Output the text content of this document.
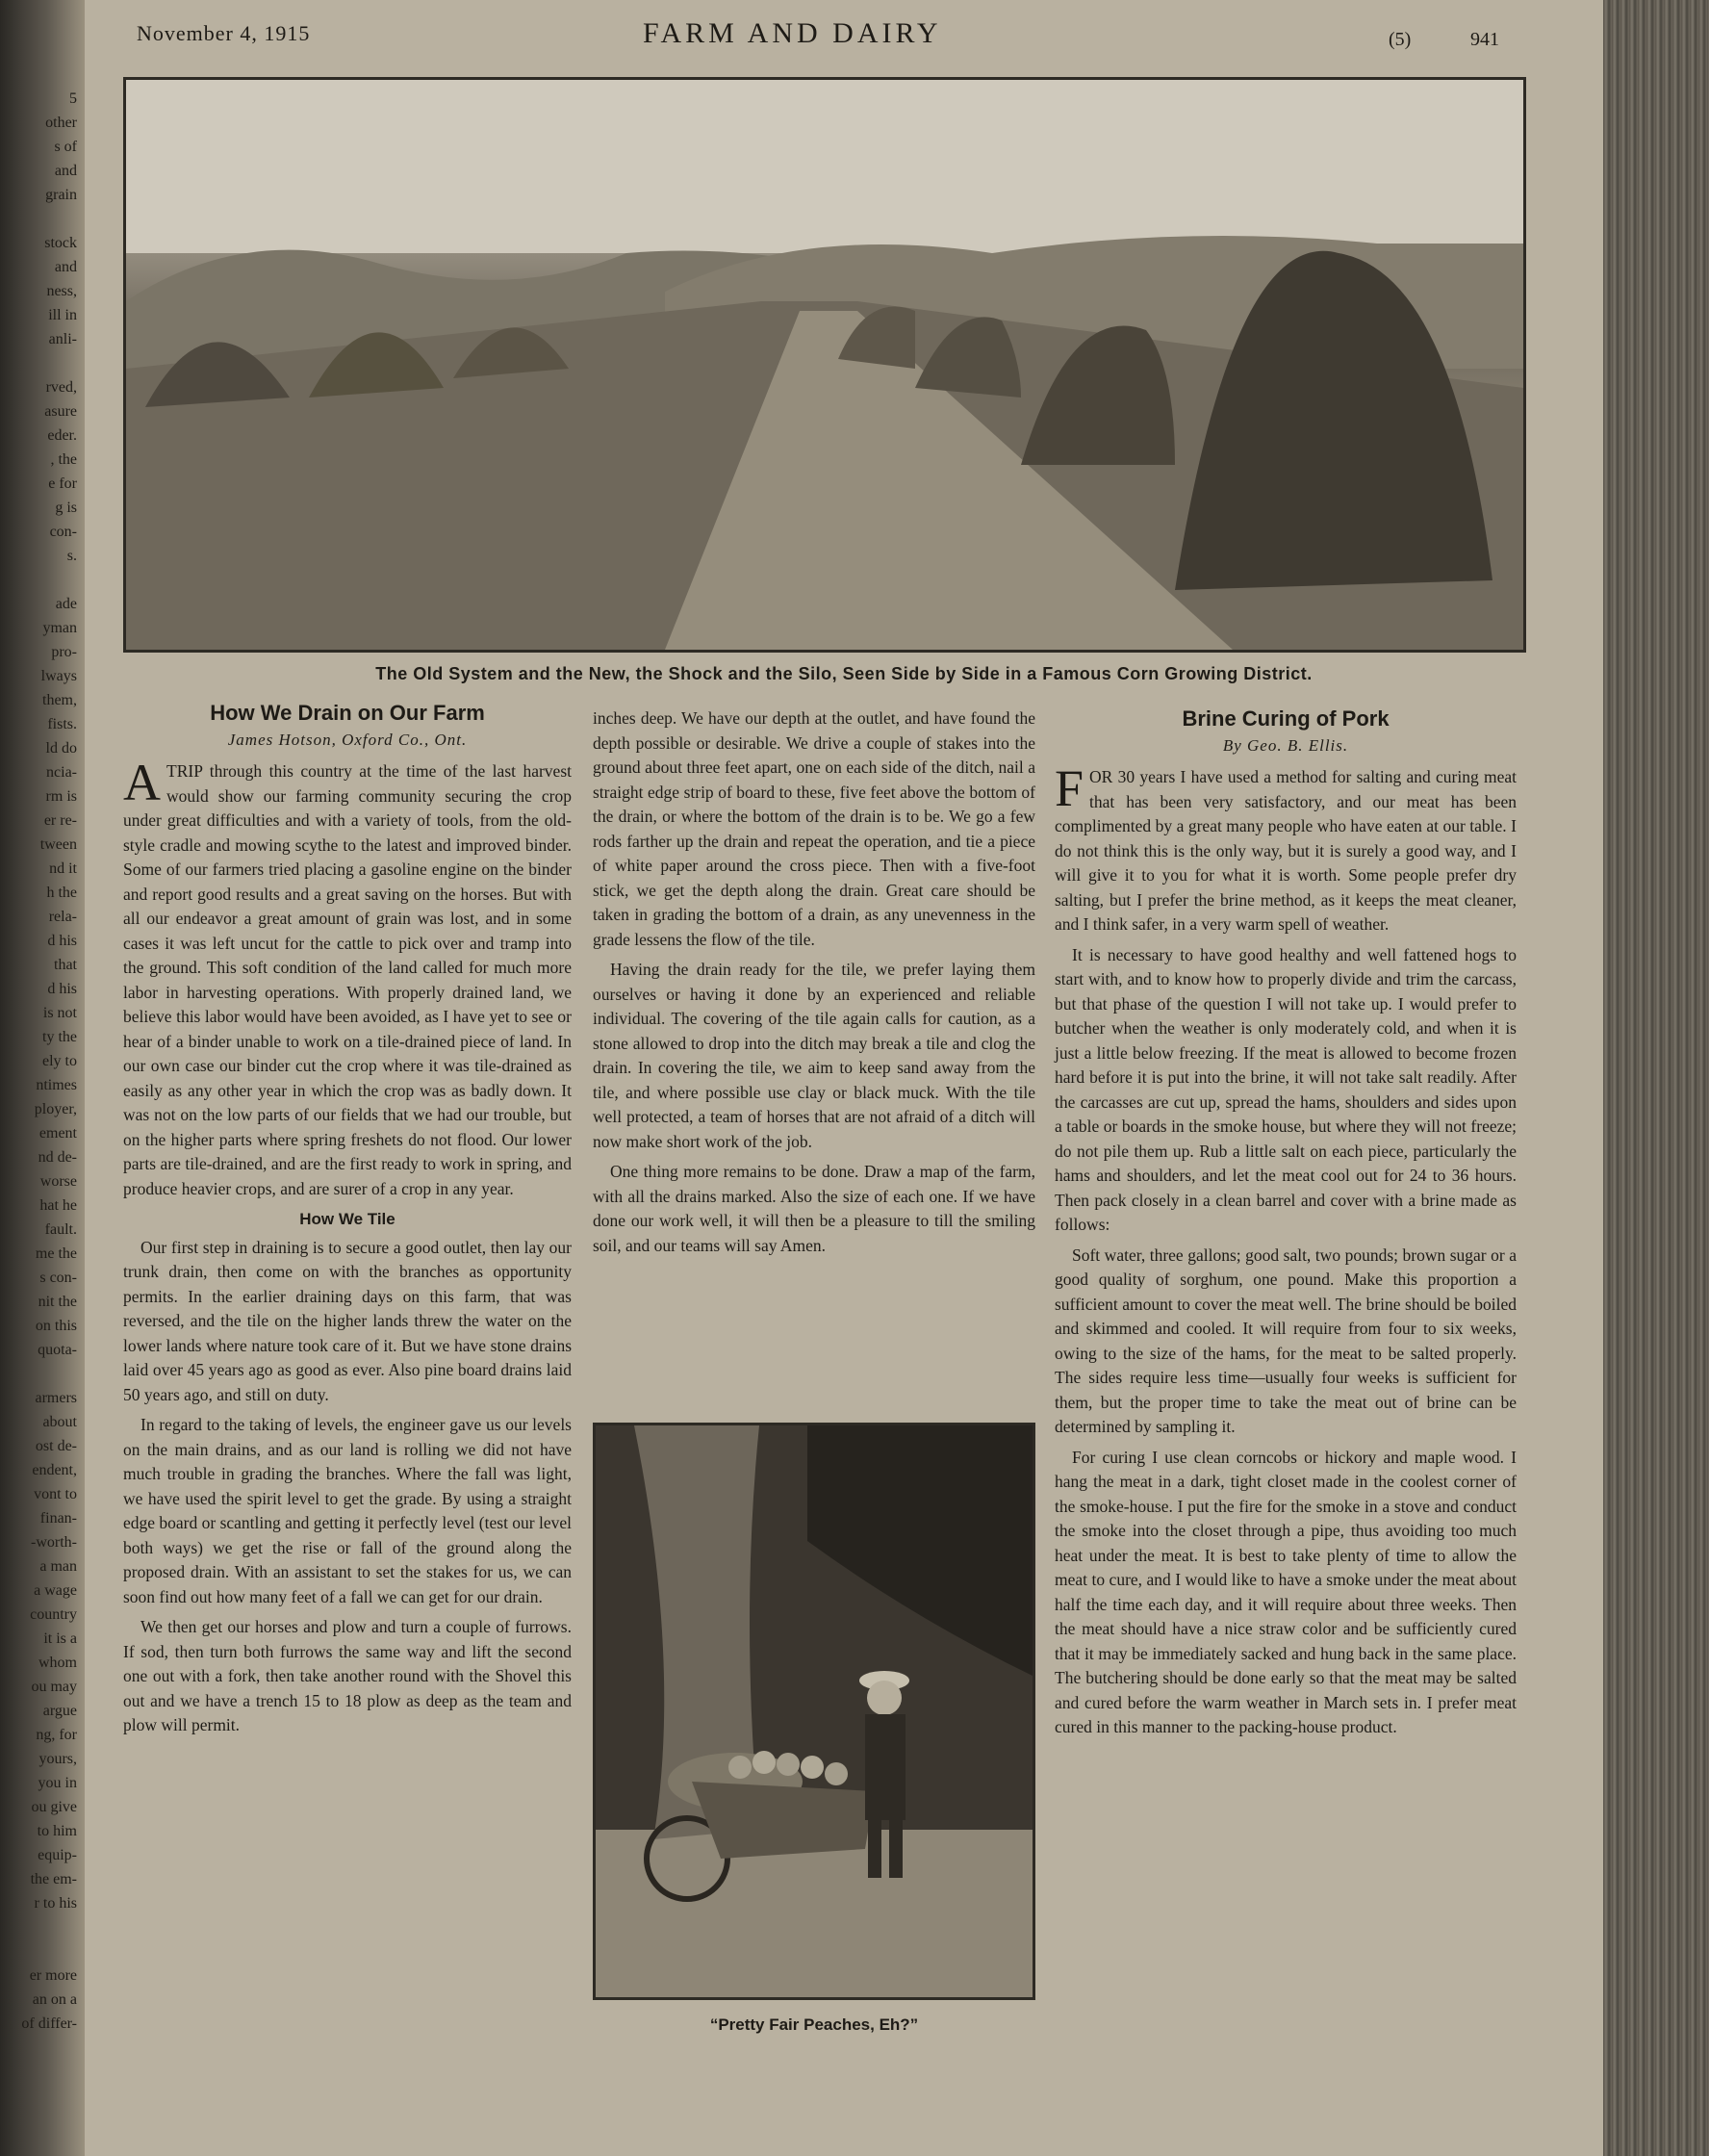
5
other
s of
and
grain
stock
and
ness,
ill in
anli-
rved,
asure
eder.
, the
e for
g is
con-
s.
ade
yman
pro-
lways
them,
fists.
ld do
ncia-
rm is
er re-
tween
nd it
h the
rela-
d his
that
d his
is not
ty the
ely to
ntimes
ployer,
ement
nd de-
worse
hat he
fault.
me the
s con-
nit the
on this
quota-
armers
about
ost de-
endent,
vont to
finan-
-worth-
a man
a wage
country
it is a
whom
ou may
argue
ng, for
yours,
you in
ou give
to him
equip-
the em-
r to his
er more
an on a
of differ-
November 4, 1915	FARM AND DAIRY	(5)	941
The Old System and the New, the Shock and the Silo, Seen Side by Side in a Famous Corn Growing District.
How We Drain on Our Farm
James Hotson, Oxford Co., Ont.

ATRIP through this country at the time of the last harvest would show our farming community securing the crop under great difficulties and with a variety of tools, from the old-style cradle and mowing scythe to the latest and improved binder. Some of our farmers tried placing a gasoline engine on the binder and report good results and a great saving on the horses. But with all our endeavor a great amount of grain was lost, and in some cases it was left uncut for the cattle to pick over and tramp into the ground. This soft condition of the land called for much more labor in harvesting operations. With properly drained land, we believe this labor would have been avoided, as I have yet to see or hear of a binder unable to work on a tile-drained piece of land. In our own case our binder cut the crop where it was tile-drained as easily as any other year in which the crop was as badly down. It was not on the low parts of our fields that we had our trouble, but on the higher parts where spring freshets do not flood. Our lower parts are tile-drained, and are the first ready to work in spring, and produce heavier crops, and are surer of a crop in any year.

How We Tile

Our first step in draining is to secure a good outlet, then lay our trunk drain, then come on with the branches as opportunity permits. In the earlier draining days on this farm, that was reversed, and the tile on the higher lands threw the water on the lower lands where nature took care of it. But we have stone drains laid over 45 years ago as good as ever. Also pine board drains laid 50 years ago, and still on duty.

In regard to the taking of levels, the engineer gave us our levels on the main drains, and as our land is rolling we did not have much trouble in grading the branches. Where the fall was light, we have used the spirit level to get the grade. By using a straight edge board or scantling and getting it perfectly level (test our level both ways) we get the rise or fall of the ground along the proposed drain. With an assistant to set the stakes for us, we can soon find out how many feet of a fall we can get for our drain.

We then get our horses and plow and turn a couple of furrows. If sod, then turn both furrows the same way and lift the second one out with a fork, then take another round with the Shovel this out and we have a trench 15 to 18 plow as deep as the team and plow will permit.

inches deep. We have our depth at the outlet, and have found the depth possible or desirable. We drive a couple of stakes into the ground about three feet apart, one on each side of the ditch, nail a straight edge strip of board to these, five feet above the bottom of the drain, or where the bottom of the drain is to be. We go a few rods farther up the drain and repeat the operation, and tie a piece of white paper around the cross piece. Then with a five-foot stick, we get the depth along the drain. Great care should be taken in grading the bottom of a drain, as any unevenness in the grade lessens the flow of the tile.

Having the drain ready for the tile, we prefer laying them ourselves or having it done by an experienced and reliable individual. The covering of the tile again calls for caution, as a stone allowed to drop into the ditch may break a tile and clog the drain. In covering the tile, we aim to keep sand away from the tile, and where possible use clay or black muck. With the tile well protected, a team of horses that are not afraid of a ditch will now make short work of the job.

One thing more remains to be done. Draw a map of the farm, with all the drains marked. Also the size of each one. If we have done our work well, it will then be a pleasure to till the smiling soil, and our teams will say Amen.

“Pretty Fair Peaches, Eh?”
Brine Curing of Pork
By Geo. B. Ellis.

FOR 30 years I have used a method for salting and curing meat that has been very satisfactory, and our meat has been complimented by a great many people who have eaten at our table. I do not think this is the only way, but it is surely a good way, and I will give it to you for what it is worth. Some people prefer dry salting, but I prefer the brine method, as it keeps the meat cleaner, and I think safer, in a very warm spell of weather.

It is necessary to have good healthy and well fattened hogs to start with, and to know how to properly divide and trim the carcass, but that phase of the question I will not take up. I would prefer to butcher when the weather is only moderately cold, and when it is just a little below freezing. If the meat is allowed to become frozen hard before it is put into the brine, it will not take salt readily. After the carcasses are cut up, spread the hams, shoulders and sides upon a table or boards in the smoke house, but where they will not freeze; do not pile them up. Rub a little salt on each piece, particularly the hams and shoulders, and let the meat cool out for 24 to 36 hours. Then pack closely in a clean barrel and cover with a brine made as follows:

Soft water, three gallons; good salt, two pounds; brown sugar or a good quality of sorghum, one pound. Make this proportion a sufficient amount to cover the meat well. The brine should be boiled and skimmed and cooled. It will require from four to six weeks, owing to the size of the hams, for the meat to be salted properly. The sides require less time—usually four weeks is sufficient for them, but the proper time to take the meat out of brine can be determined by sampling it.

For curing I use clean corncobs or hickory and maple wood. I hang the meat in a dark, tight closet made in the coolest corner of the smoke-house. I put the fire for the smoke in a stove and conduct the smoke into the closet through a pipe, thus avoiding too much heat under the meat. It is best to take plenty of time to allow the meat to cure, and I would like to have a smoke under the meat about half the time each day, and it will require about three weeks. Then the meat should have a nice straw color and be sufficiently cured that it may be immediately sacked and hung back in the same place. The butchering should be done early so that the meat may be salted and cured before the warm weather in March sets in. I prefer meat cured in this manner to the packing-house product.
